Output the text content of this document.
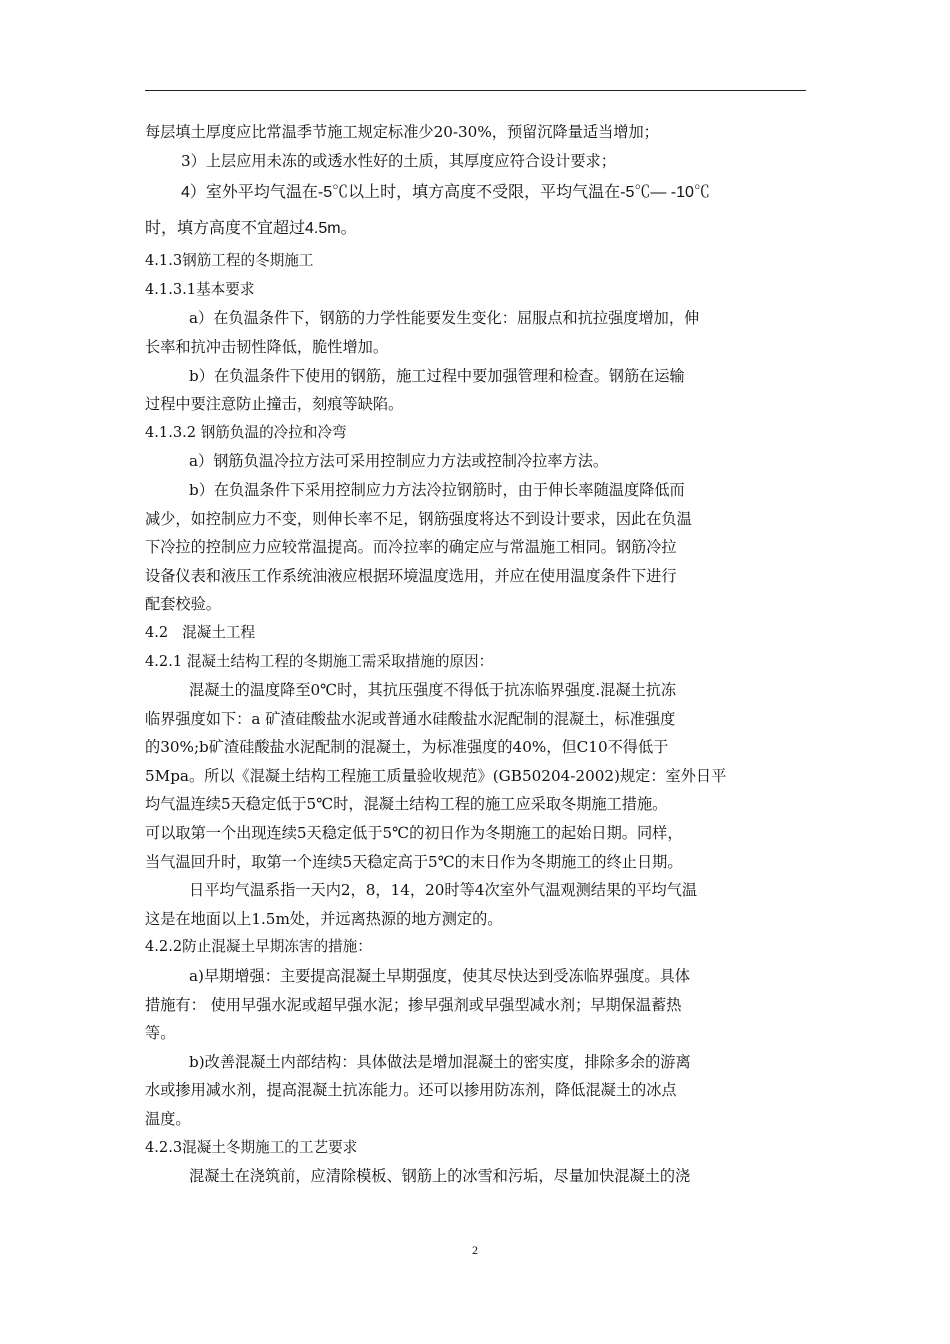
每层填土厚度应比常温季节施工规定标准少20-30%，预留沉降量适当增加；

3）上层应用未冻的或透水性好的土质，其厚度应符合设计要求；

4）室外平均气温在-5℃以上时，填方高度不受限，平均气温在-5℃— -10℃

时，填方高度不宜超过4.5m。

4.1.3钢筋工程的冬期施工

4.1.3.1基本要求

a）在负温条件下，钢筋的力学性能要发生变化：屈服点和抗拉强度增加，伸

长率和抗冲击韧性降低，脆性增加。

b）在负温条件下使用的钢筋，施工过程中要加强管理和检查。钢筋在运输

过程中要注意防止撞击，刻痕等缺陷。

4.1.3.2 钢筋负温的冷拉和冷弯

a）钢筋负温冷拉方法可采用控制应力方法或控制冷拉率方法。

b）在负温条件下采用控制应力方法冷拉钢筋时，由于伸长率随温度降低而

减少，如控制应力不变，则伸长率不足，钢筋强度将达不到设计要求，因此在负温

下冷拉的控制应力应较常温提高。而冷拉率的确定应与常温施工相同。钢筋冷拉

设备仪表和液压工作系统油液应根据环境温度选用，并应在使用温度条件下进行

配套校验。

4.2   混凝土工程

4.2.1 混凝土结构工程的冬期施工需采取措施的原因：

混凝土的温度降至0℃时，其抗压强度不得低于抗冻临界强度.混凝土抗冻

临界强度如下：a 矿渣硅酸盐水泥或普通水硅酸盐水泥配制的混凝土，标准强度

的30%;b矿渣硅酸盐水泥配制的混凝土，为标准强度的40%，但C10不得低于

5Mpa。所以《混凝土结构工程施工质量验收规范》(GB50204-2002)规定：室外日平

均气温连续5天稳定低于5℃时，混凝土结构工程的施工应采取冬期施工措施。

可以取第一个出现连续5天稳定低于5℃的初日作为冬期施工的起始日期。同样，

当气温回升时，取第一个连续5天稳定高于5℃的末日作为冬期施工的终止日期。

日平均气温系指一天内2，8，14，20时等4次室外气温观测结果的平均气温

这是在地面以上1.5m处，并远离热源的地方测定的。

4.2.2防止混凝土早期冻害的措施：

a)早期增强：主要提高混凝土早期强度，使其尽快达到受冻临界强度。具体

措施有： 使用早强水泥或超早强水泥；掺早强剂或早强型减水剂；早期保温蓄热

等。

b)改善混凝土内部结构：具体做法是增加混凝土的密实度，排除多余的游离

水或掺用减水剂，提高混凝土抗冻能力。还可以掺用防冻剂，降低混凝土的冰点

温度。

4.2.3混凝土冬期施工的工艺要求

混凝土在浇筑前，应清除模板、钢筋上的冰雪和污垢，尽量加快混凝土的浇

2
